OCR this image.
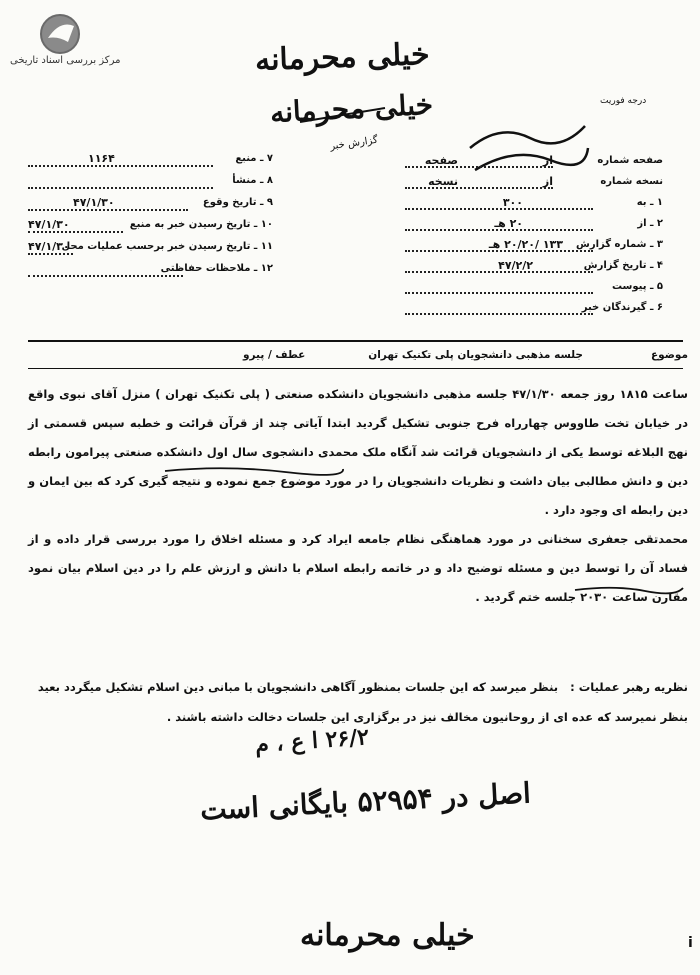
مرکز بررسی اسناد تاریخی	خیلی محرمانه
خیلی محرمانه
گزارش خبر
درجه فوریت
صفحه شماره
از
صفحه
نسخه شماره
از
نسخه
۱ ـ به
۳۰۰
۲ ـ از
۲۰ هـ
۳ ـ شماره گزارش
۱۳۳ /۲۰/۲۰ هـ
۴ ـ تاریخ گزارش
۴۷/۲/۲
۵ ـ پیوست
۶ ـ گیرندگان خبر
۷ ـ منبع
۱۱۶۴
۸ ـ منشأ
۹ ـ تاریخ وقوع
۴۷/۱/۳۰
۱۰ ـ تاریخ رسیدن خبر به منبع
۴۷/۱/۳۰
۱۱ ـ تاریخ رسیدن خبر برحسب عملیات محل
۴۷/۱/۳۰
۱۲ ـ ملاحظات حفاظتی
موضوع
جلسه مذهبی دانشجویان پلی تکنیک تهران
عطف / پیرو

ساعت ۱۸۱۵ روز جمعه ۴۷/۱/۳۰ جلسه مذهبی دانشجویان دانشکده صنعتی ( پلی تکنیک تهران ) منزل آقای نبوی واقع در خیابان تخت طاووس چهارراه فرح جنوبی تشکیل گردید ابتدا آیاتی چند از قرآن قرائت و خطبه سپس قسمتی از نهج البلاغه توسط یکی از دانشجویان قرائت شد آنگاه ملک محمدی دانشجوی سال اول دانشکده صنعتی پیرامون رابطه دین و دانش مطالبی بیان داشت و نظریات دانشجویان را در مورد موضوع جمع نموده و نتیجه گیری کرد که بین ایمان و دین رابطه ای وجود دارد .

محمدتقی جعفری سخنانی در مورد هماهنگی نظام جامعه ایراد کرد و مسئله اخلاق را مورد بررسی قرار داده و از فساد آن را توسط دین و مسئله توضیح داد و در خاتمه رابطه اسلام با دانش و ارزش علم را در دین اسلام بیان نمود مقارن ساعت ۲۰۳۰ جلسه ختم گردید .

نظریه رهبر عملیات : بنظر میرسد که این جلسات بمنظور آگاهی دانشجویان با مبانی دین اسلام تشکیل میگردد بعید بنظر نمیرسد که عده ای از روحانیون مخالف نیز در برگزاری این جلسات دخالت داشته باشند .
۲۶/۲ ا ع ، م
اصل در ۵۲۹۵۴ بایگانی است
خیلی محرمانه	i
